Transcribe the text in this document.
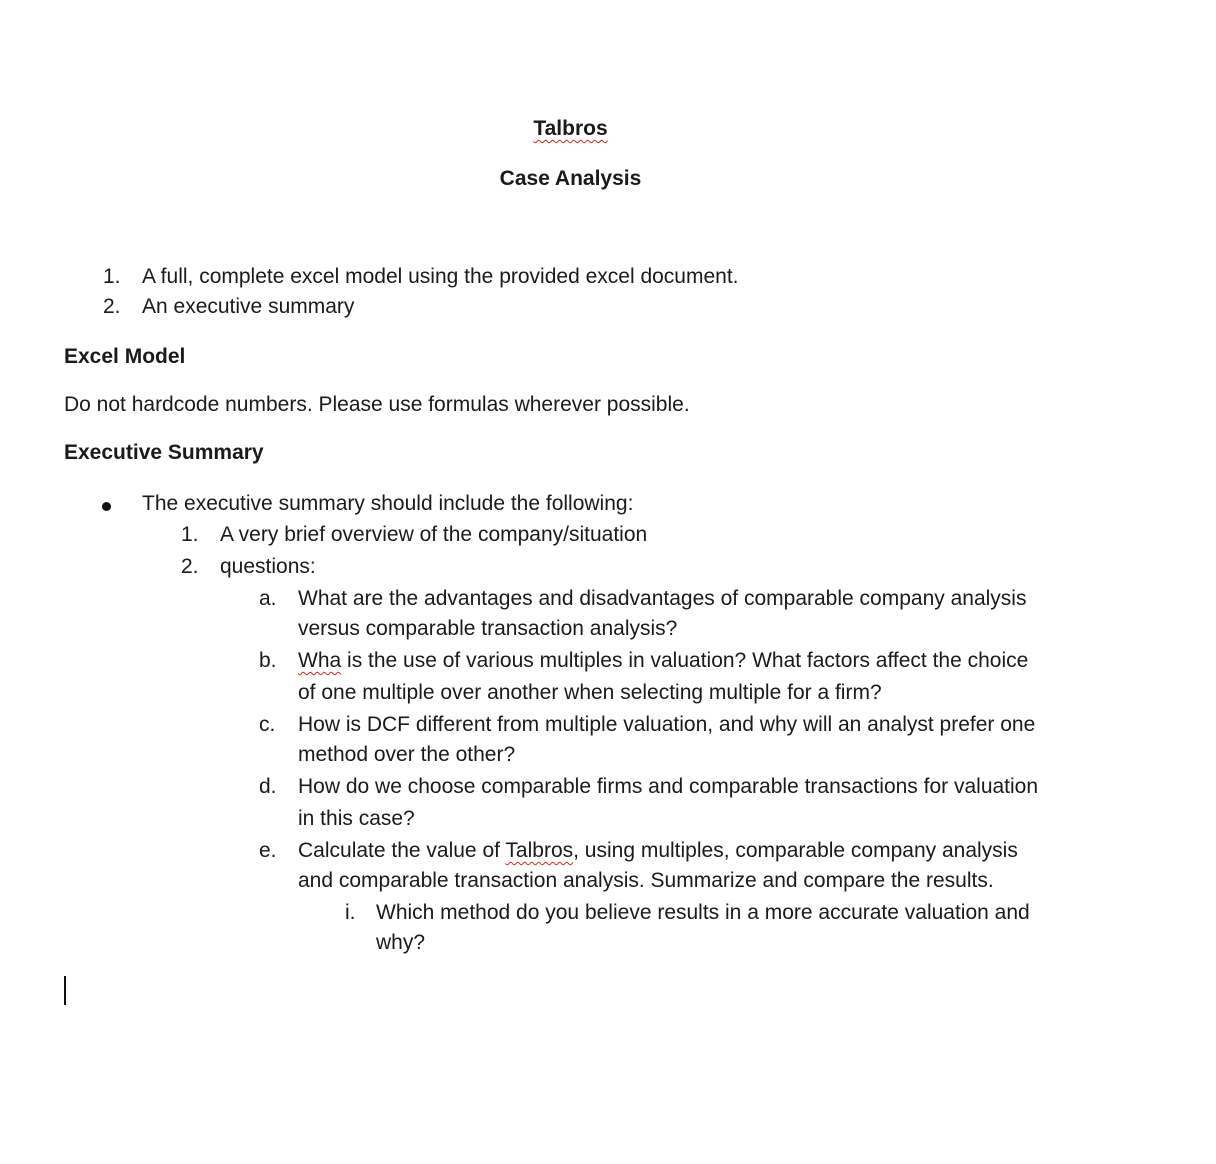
Talbros
Case Analysis
1. A full, complete excel model using the provided excel document.
2. An executive summary
Excel Model
Do not hardcode numbers. Please use formulas wherever possible.
Executive Summary
The executive summary should include the following:
1. A very brief overview of the company/situation
2. questions:
a. What are the advantages and disadvantages of comparable company analysis
versus comparable transaction analysis?
b. Wha is the use of various multiples in valuation? What factors affect the choice
of one multiple over another when selecting multiple for a firm?
c. How is DCF different from multiple valuation, and why will an analyst prefer one
method over the other?
d. How do we choose comparable firms and comparable transactions for valuation
in this case?
e. Calculate the value of Talbros, using multiples, comparable company analysis
and comparable transaction analysis. Summarize and compare the results.
i. Which method do you believe results in a more accurate valuation and
why?
